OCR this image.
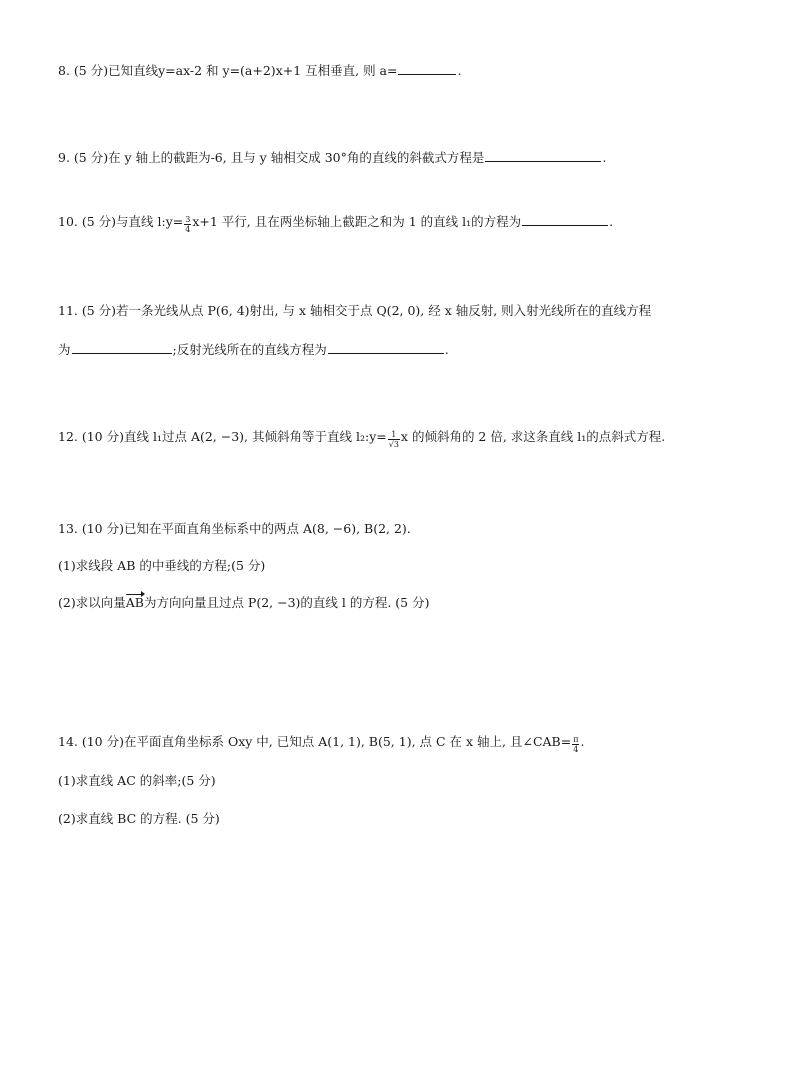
8. (5 分)已知直线y=ax-2 和 y=(a+2)x+1 互相垂直, 则 a=	.
9. (5 分)在 y 轴上的截距为-6, 且与 y 轴相交成 30°角的直线的斜截式方程是	.
10. (5 分)与直线 l:y= $\frac{3}{4} x+1$ 平行, 且在两坐标轴上截距之和为 1 的直线 l₁的方程为	.
11. (5 分)若一条光线从点 P(6, 4)射出, 与 x 轴相交于点 Q(2, 0), 经 x 轴反射, 则入射光线所在的直线方程
为	;反射光线所在的直线方程为	.
12. (10 分)直线 l₁过点 A(2, −3), 其倾斜角等于直线 l₂:y= $\frac{1}{√3}$ x 的倾斜角的 2 倍, 求这条直线 l₁的点斜式方程.
13. (10 分)已知在平面直角坐标系中的两点 A(8, −6), B(2, 2).
(1)求线段 AB 的中垂线的方程;(5 分)
(2)求以向量AB为方向向量且过点 P(2, −3)的直线 l 的方程. (5 分)
14. (10 分)在平面直角坐标系 Oxy 中, 已知点 A(1, 1), B(5, 1), 点 C 在 x 轴上, 且∠CAB= $\frac{\pi}{4}$ .
(1)求直线 AC 的斜率;(5 分)
(2)求直线 BC 的方程. (5 分)
